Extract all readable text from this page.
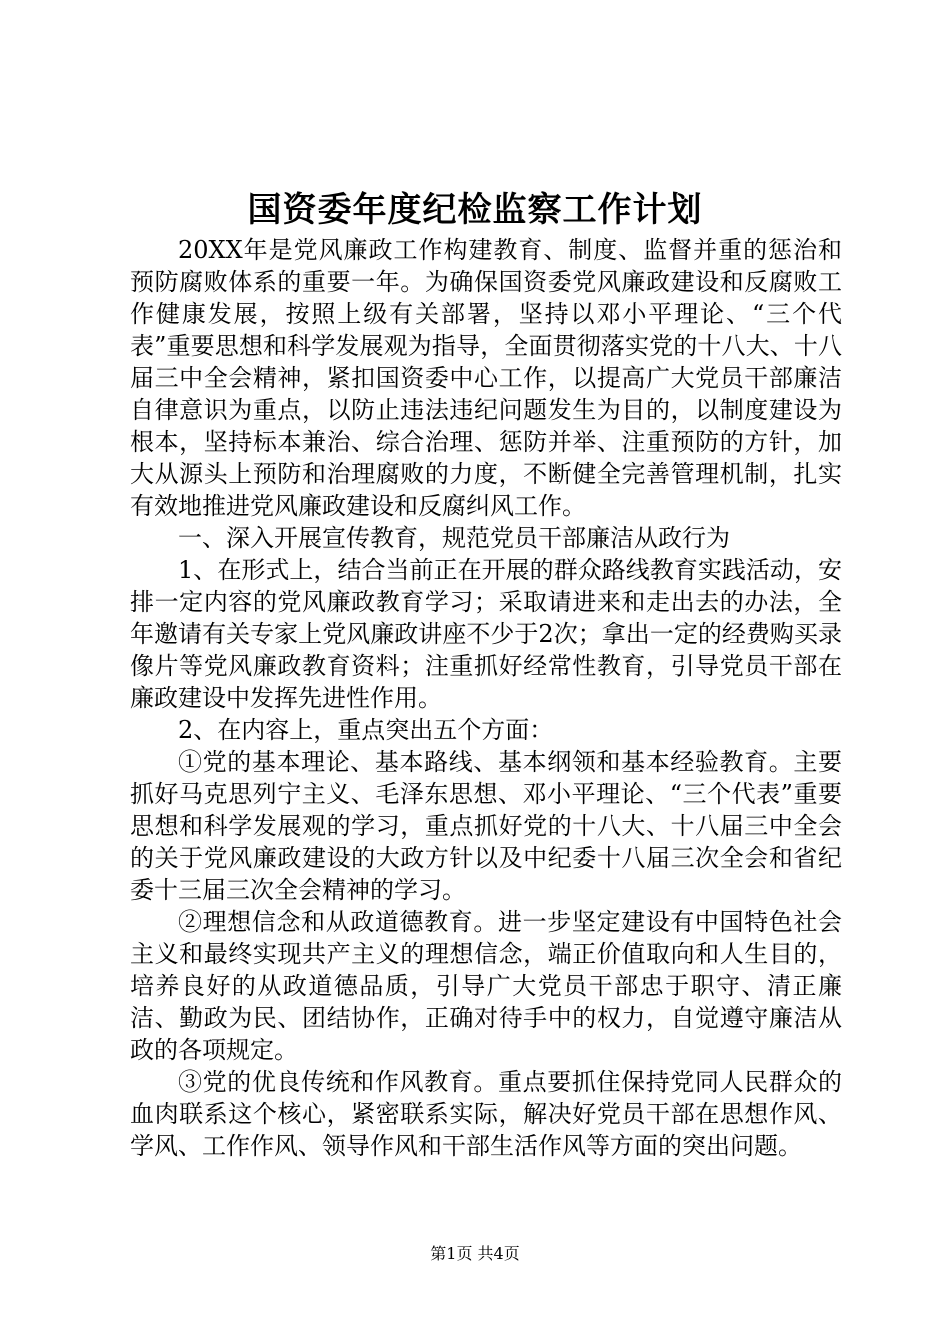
国资委年度纪检监察工作计划

20XX年是党风廉政工作构建教育、制度、监督并重的惩治和预防腐败体系的重要一年。为确保国资委党风廉政建设和反腐败工作健康发展，按照上级有关部署，坚持以邓小平理论、“三个代表”重要思想和科学发展观为指导，全面贯彻落实党的十八大、十八届三中全会精神，紧扣国资委中心工作，以提高广大党员干部廉洁自律意识为重点，以防止违法违纪问题发生为目的，以制度建设为根本，坚持标本兼治、综合治理、惩防并举、注重预防的方针，加大从源头上预防和治理腐败的力度，不断健全完善管理机制，扎实有效地推进党风廉政建设和反腐纠风工作。

一、深入开展宣传教育，规范党员干部廉洁从政行为

1、在形式上，结合当前正在开展的群众路线教育实践活动，安排一定内容的党风廉政教育学习；采取请进来和走出去的办法，全年邀请有关专家上党风廉政讲座不少于2次；拿出一定的经费购买录像片等党风廉政教育资料；注重抓好经常性教育，引导党员干部在廉政建设中发挥先进性作用。

2、在内容上，重点突出五个方面：

①党的基本理论、基本路线、基本纲领和基本经验教育。主要抓好马克思列宁主义、毛泽东思想、邓小平理论、“三个代表”重要思想和科学发展观的学习，重点抓好党的十八大、十八届三中全会的关于党风廉政建设的大政方针以及中纪委十八届三次全会和省纪委十三届三次全会精神的学习。

②理想信念和从政道德教育。进一步坚定建设有中国特色社会主义和最终实现共产主义的理想信念，端正价值取向和人生目的，培养良好的从政道德品质，引导广大党员干部忠于职守、清正廉洁、勤政为民、团结协作，正确对待手中的权力，自觉遵守廉洁从政的各项规定。

③党的优良传统和作风教育。重点要抓住保持党同人民群众的血肉联系这个核心，紧密联系实际，解决好党员干部在思想作风、学风、工作作风、领导作风和干部生活作风等方面的突出问题。

第1页 共4页
